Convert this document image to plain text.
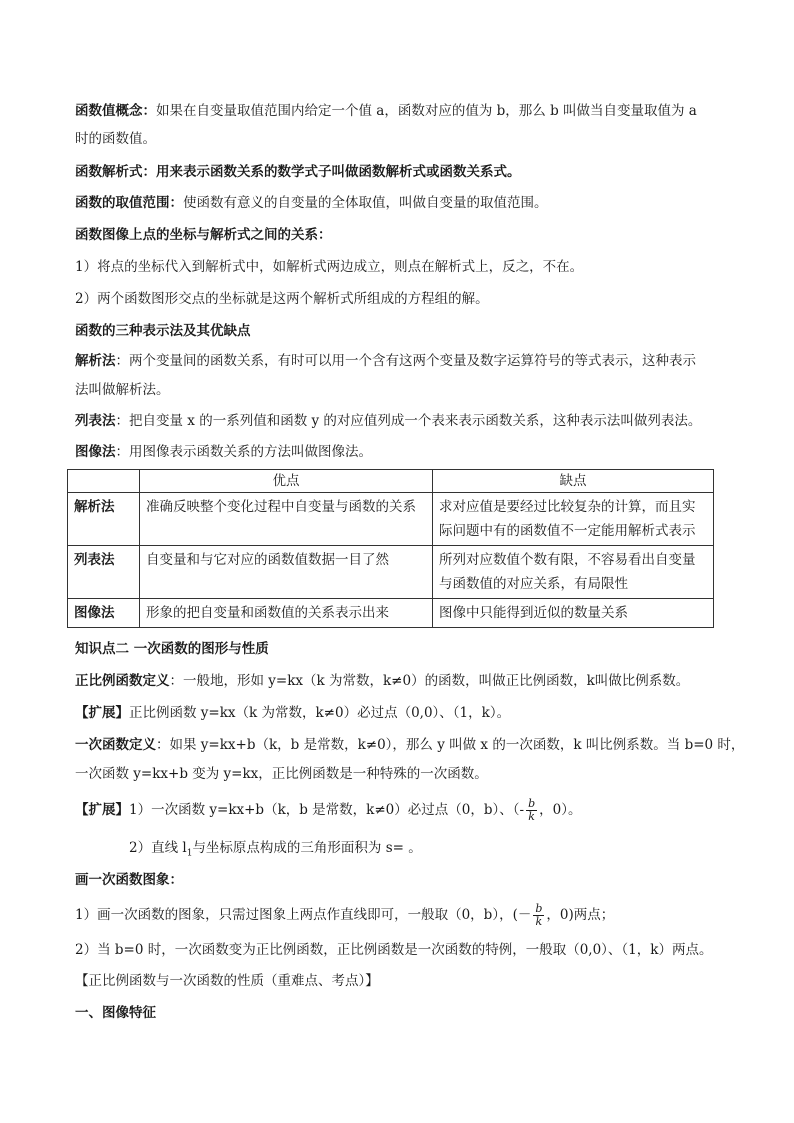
函数值概念：如果在自变量取值范围内给定一个值 a，函数对应的值为 b，那么 b 叫做当自变量取值为 a
时的函数值。
函数解析式：用来表示函数关系的数学式子叫做函数解析式或函数关系式。
函数的取值范围：使函数有意义的自变量的全体取值，叫做自变量的取值范围。
函数图像上点的坐标与解析式之间的关系：
1）将点的坐标代入到解析式中，如解析式两边成立，则点在解析式上，反之，不在。
2）两个函数图形交点的坐标就是这两个解析式所组成的方程组的解。
函数的三种表示法及其优缺点
解析法：两个变量间的函数关系，有时可以用一个含有这两个变量及数字运算符号的等式表示，这种表示
法叫做解析法。
列表法：把自变量 x 的一系列值和函数 y 的对应值列成一个表来表示函数关系，这种表示法叫做列表法。
图像法：用图像表示函数关系的方法叫做图像法。
	优点	缺点
解析法	准确反映整个变化过程中自变量与函数的关系	求对应值是要经过比较复杂的计算，而且实际问题中有的函数值不一定能用解析式表示
列表法	自变量和与它对应的函数值数据一目了然	所列对应数值个数有限，不容易看出自变量与函数值的对应关系，有局限性
图像法	形象的把自变量和函数值的关系表示出来	图像中只能得到近似的数量关系
知识点二 一次函数的图形与性质
正比例函数定义：一般地，形如 y=kx（k 为常数，k≠0）的函数，叫做正比例函数，k叫做比例系数。
【扩展】正比例函数 y=kx（k 为常数，k≠0）必过点（0,0）、（1，k）。
一次函数定义：如果 y=kx+b（k，b 是常数，k≠0），那么 y 叫做 x 的一次函数，k 叫比例系数。当 b=0 时，
一次函数 y=kx+b 变为 y=kx，正比例函数是一种特殊的一次函数。
【扩展】1）一次函数 y=kx+b（k，b 是常数，k≠0）必过点（0，b）、（- $\frac{b}{k}$ ，0）。
2）直线 $l_1$与坐标原点构成的三角形面积为 s= 。
画一次函数图象：
1）画一次函数的图象，只需过图象上两点作直线即可，一般取（0，b），(－ $\frac{b}{k}$ ，0)两点；
2）当 b=0 时，一次函数变为正比例函数，正比例函数是一次函数的特例，一般取（0,0）、（1，k）两点。
【正比例函数与一次函数的性质（重难点、考点）】
一、图像特征
